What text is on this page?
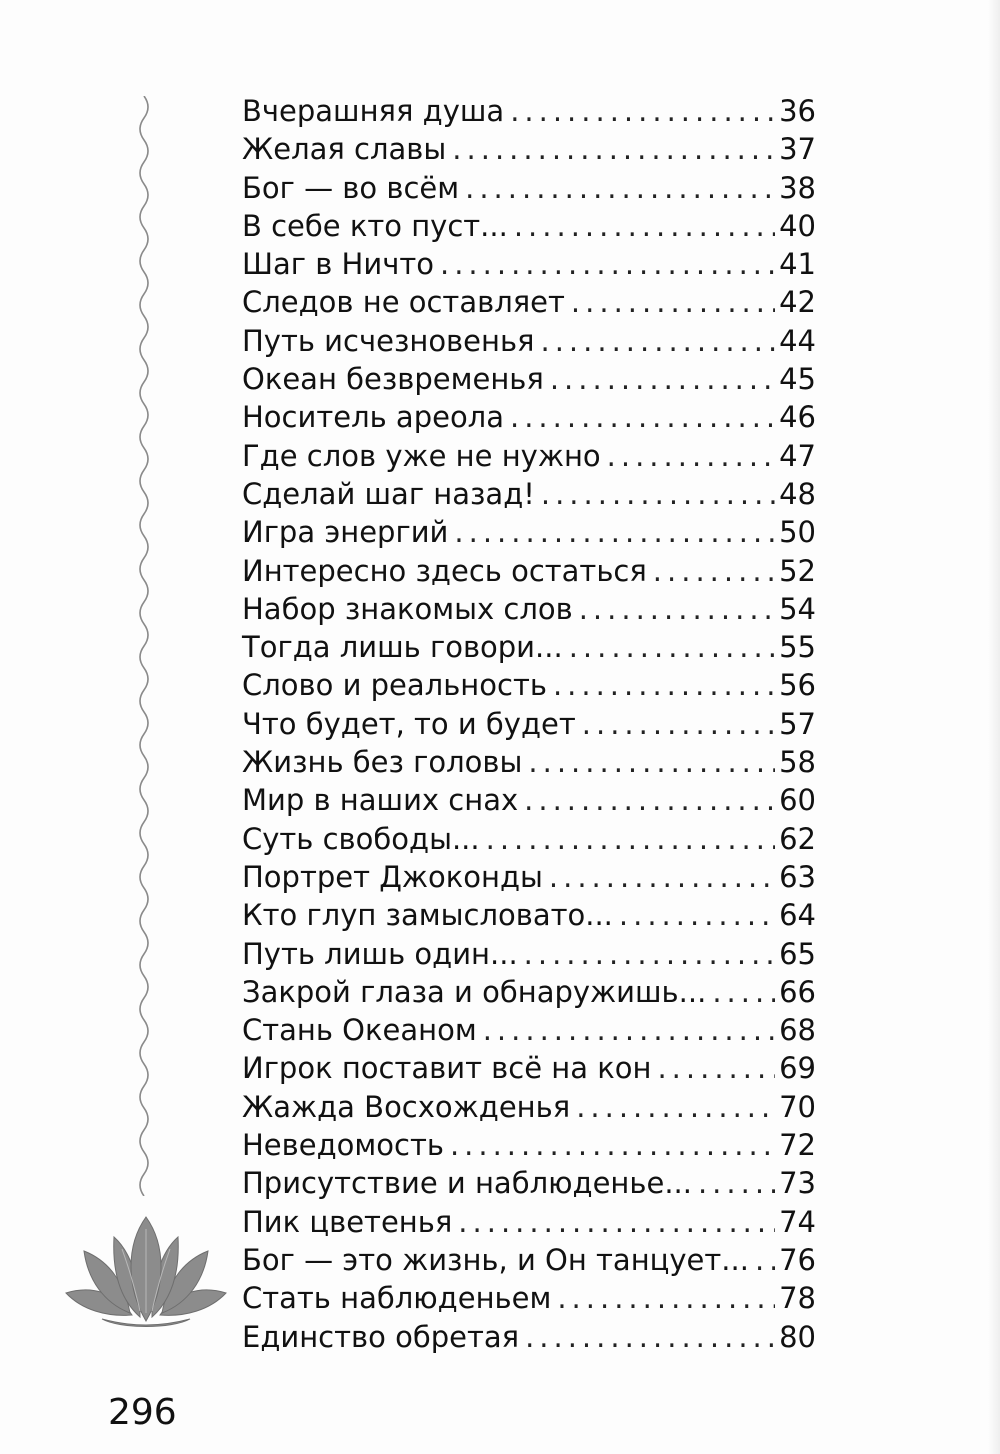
Вчерашняя душа .....	36
Желая славы .....	37
Бог — во всём .....	38
В себе кто пуст... .....	40
Шаг в Ничто .....	41
Следов не оставляет .....	42
Путь исчезновенья .....	44
Океан безвременья .....	45
Носитель ареола .....	46
Где слов уже не нужно .....	47
Сделай шаг назад! .....	48
Игра энергий .....	50
Интересно здесь остаться .....	52
Набор знакомых слов .....	54
Тогда лишь говори... .....	55
Слово и реальность .....	56
Что будет, то и будет .....	57
Жизнь без головы .....	58
Мир в наших снах .....	60
Суть свободы... .....	62
Портрет Джоконды .....	63
Кто глуп замысловато... .....	64
Путь лишь один... .....	65
Закрой глаза и обнаружишь... .....	66
Стань Океаном .....	68
Игрок поставит всё на кон .....	69
Жажда Восхожденья .....	70
Неведомость .....	72
Присутствие и наблюденье... .....	73
Пик цветенья .....	74
Бог — это жизнь, и Он танцует... ..... 76
Стать наблюденьем .....	78
Единство обретая .....	80
296
